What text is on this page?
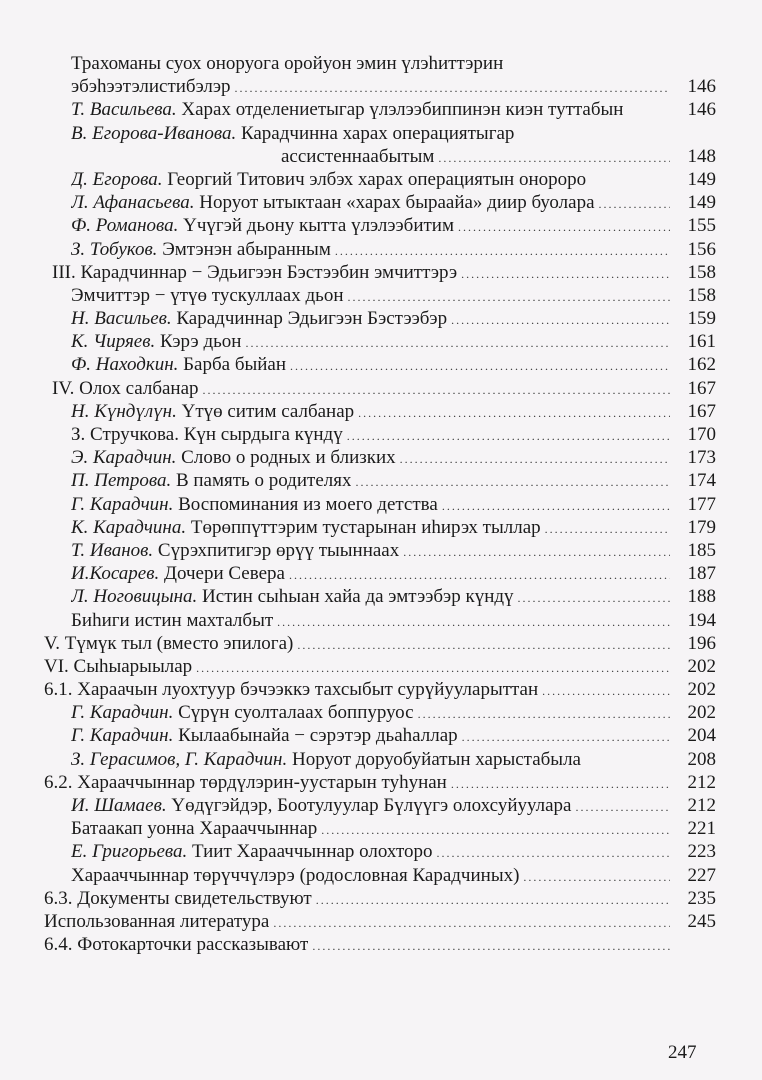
Трахоманы суох оноруога оройуон эмин үлэhиттэрин
эбэhээтэлистибэлэр .....	146
Т. Васильева. Харах отделениетыгар үлэлээбиппинэн киэн туттабын	146
В. Егорова-Иванова. Карадчинна харах операциятыгар
ассистеннаабытым .....	148
Д. Егорова. Георгий Титович элбэх харах операциятын онороро	149
Л. Афанасьева. Норуот ытыктаан «харах быраайа» диир буолара .....	149
Ф. Романова. Үчүгэй дьону кытта үлэлээбитим .....	155
З. Тобуков. Эмтэнэн абыранным .....	156
III. Карадчиннар − Эдьигээн Бэстээбин эмчиттэрэ .....	158
Эмчиттэр − үтүө тускуллаах дьон .....	158
Н. Васильев. Карадчиннар Эдьигээн Бэстээбэр .....	159
К. Чиряев. Кэрэ дьон .....	161
Ф. Находкин. Барба быйан .....	162
IV. Олох салбанар .....	167
Н. Күндүлүн. Үтүө ситим салбанар .....	167
З. Стручкова. Күн сырдыга күндү .....	170
Э. Карадчин. Слово о родных и близких .....	173
П. Петрова. В память о родителях .....	174
Г. Карадчин. Воспоминания из моего детства .....	177
К. Карадчина. Төрөппүттэрим тустарынан иhирэх тыллар .....	179
Т. Иванов. Сүрэхпитигэр өрүү тыыннаах .....	185
И.Косарев. Дочери Севера .....	187
Л. Ноговицына. Истин сыhыан хайа да эмтээбэр күндү .....	188
Биhиги истин махталбыт .....	194
V. Түмүк тыл (вместо эпилога) .....	196
VI. Сыhыарыылар .....	202
6.1. Хараачын луохтуур бэчээккэ тахсыбыт сурүйууларыттан .....	202
Г. Карадчин. Сүрүн суолталаах боппуруос .....	202
Г. Карадчин. Кылаабынайа − сэрэтэр дьаhаллар .....	204
З. Герасимов, Г. Карадчин. Норуот доруобуйатын харыстабыла	208
6.2. Харааччыннар төрдүлэрин-уустарын туhунан .....	212
И. Шамаев. Үөдүгэйдэр, Боотулуулар Бүлүүгэ олохсуйуулара .....	212
Батаакап уонна Харааччыннар .....	221
Е. Григорьева. Тиит Харааччыннар олохторо .....	223
Харааччыннар төрүччүлэрэ (родословная Карадчиных) .....	227
6.3. Документы свидетельствуют .....	235
Использованная литература .....	245
6.4. Фотокарточки рассказывают
.....
247
